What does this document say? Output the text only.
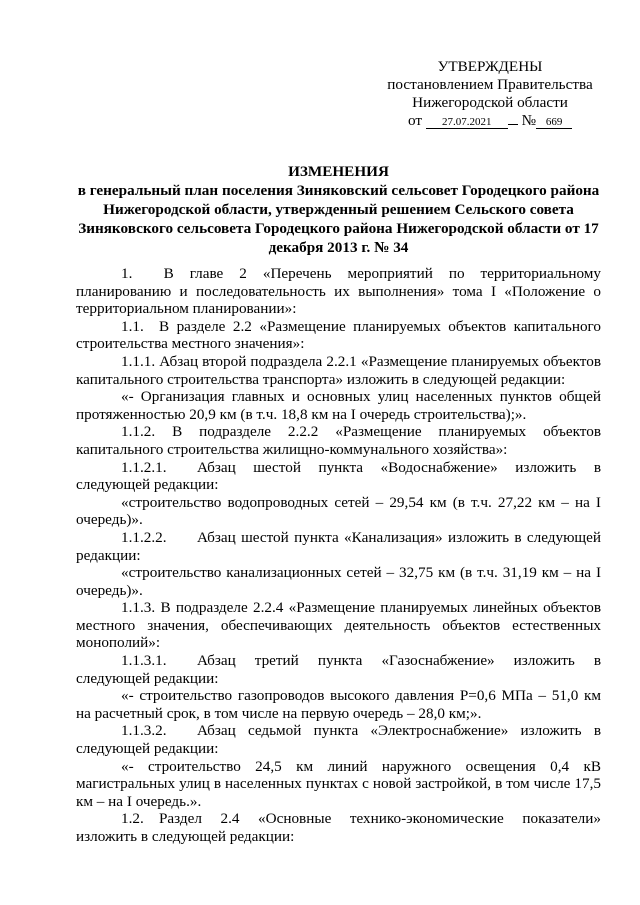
УТВЕРЖДЕНЫ
постановлением Правительства
Нижегородской области
от 27.07.2021 № 669
ИЗМЕНЕНИЯ
в генеральный план поселения Зиняковский сельсовет Городецкого района Нижегородской области, утвержденный решением Сельского совета Зиняковского сельсовета Городецкого района Нижегородской области от 17 декабря 2013 г. № 34

1.  В главе 2 «Перечень мероприятий по территориальному планированию и последовательность их выполнения» тома I «Положение о территориальном планировании»:

1.1. В разделе 2.2 «Размещение планируемых объектов капитального строительства местного значения»:

1.1.1. Абзац второй подраздела 2.2.1 «Размещение планируемых объектов капитального строительства транспорта» изложить в следующей редакции:

«- Организация главных и основных улиц населенных пунктов общей протяженностью 20,9 км (в т.ч. 18,8 км на I очередь строительства);».

1.1.2. В подразделе 2.2.2 «Размещение планируемых объектов капитального строительства жилищно-коммунального хозяйства»:

1.1.2.1.  Абзац шестой пункта «Водоснабжение» изложить в следующей редакции:

«строительство водопроводных сетей – 29,54 км (в т.ч. 27,22 км – на I очередь)».

1.1.2.2.  Абзац шестой пункта «Канализация» изложить в следующей редакции:

«строительство канализационных сетей – 32,75 км (в т.ч. 31,19 км – на I очередь)».

1.1.3. В подразделе 2.2.4 «Размещение планируемых линейных объектов местного значения, обеспечивающих деятельность объектов естественных монополий»:

1.1.3.1.  Абзац третий пункта «Газоснабжение» изложить в следующей редакции:

«- строительство газопроводов высокого давления Р=0,6 МПа – 51,0 км на расчетный срок, в том числе на первую очередь – 28,0 км;».

1.1.3.2.  Абзац седьмой пункта «Электроснабжение» изложить в следующей редакции:

«- строительство 24,5 км линий наружного освещения 0,4 кВ магистральных улиц в населенных пунктах с новой застройкой, в том числе 17,5 км – на I очередь.».

1.2. Раздел 2.4 «Основные технико-экономические показатели» изложить в следующей редакции:
